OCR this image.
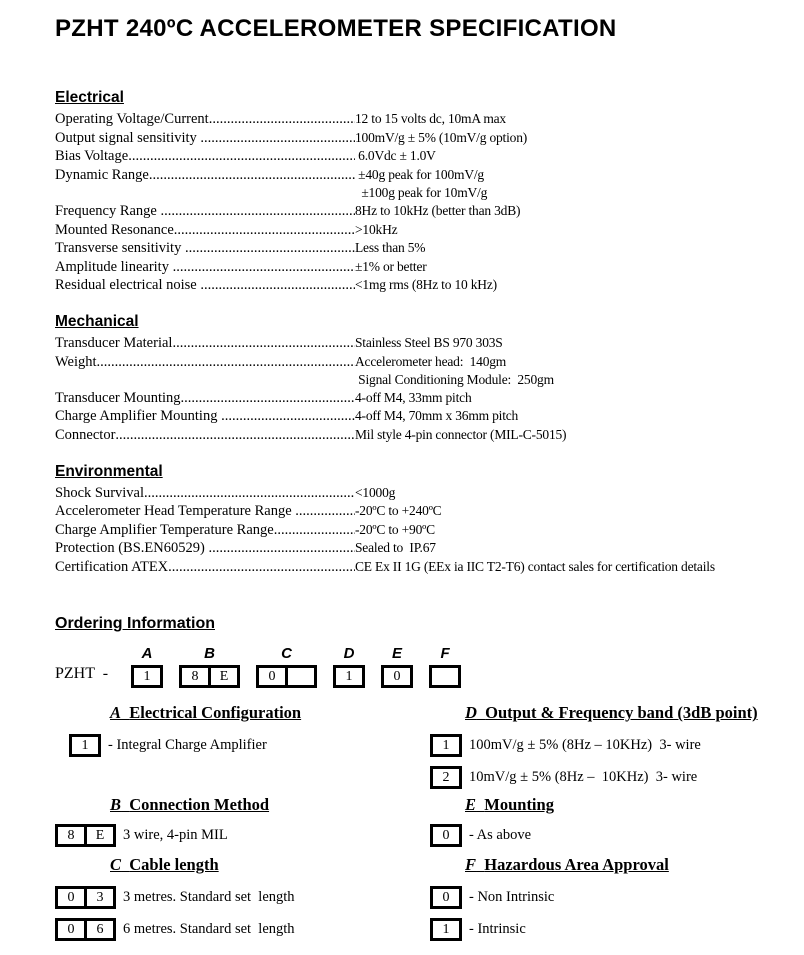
PZHT 240ºC ACCELEROMETER SPECIFICATION
Electrical
Operating Voltage/Current .....	12 to 15 volts dc, 10mA max
Output signal sensitivity .....	100mV/g ± 5% (10mV/g option)
Bias Voltage .....	6.0Vdc ± 1.0V
Dynamic Range .....	±40g peak for 100mV/g
±100g peak for 10mV/g
Frequency Range .....	8Hz to 10kHz (better than 3dB)
Mounted Resonance .....	>10kHz
Transverse sensitivity .....	Less than 5%
Amplitude linearity .....	±1% or better
Residual electrical noise .....	<1mg rms (8Hz to 10 kHz)
Mechanical
Transducer Material .....	Stainless Steel BS 970 303S
Weight .....	Accelerometer head:  140gm
Signal Conditioning Module:  250gm
Transducer Mounting .....	4-off M4, 33mm pitch
Charge Amplifier Mounting .....	4-off M4, 70mm x 36mm pitch
Connector .....	Mil style 4-pin connector (MIL-C-5015)
Environmental
Shock Survival .....	<1000g
Accelerometer Head Temperature Range .....	-20ºC to +240ºC
Charge Amplifier Temperature Range .....	-20ºC to +90ºC
Protection (BS.EN60529) .....	Sealed to  IP.67
Certification ATEX .....	CE Ex II 1G (EEx ia IIC T2-T6) contact sales for certification details
Ordering Information
PZHT  -
A
1
B
8	E
C
0
D
1
E
0
F
A Electrical Configuration
1	- Integral Charge Amplifier
B Connection Method
8	E	3 wire, 4-pin MIL
C Cable length
0	3	3 metres. Standard set  length
0	6	6 metres. Standard set  length
D Output & Frequency band (3dB point)
1	100mV/g ± 5% (8Hz – 10KHz)  3- wire
2	10mV/g ± 5% (8Hz –  10KHz)  3- wire
E Mounting
0	- As above
F Hazardous Area Approval
0	- Non Intrinsic
1	- Intrinsic
